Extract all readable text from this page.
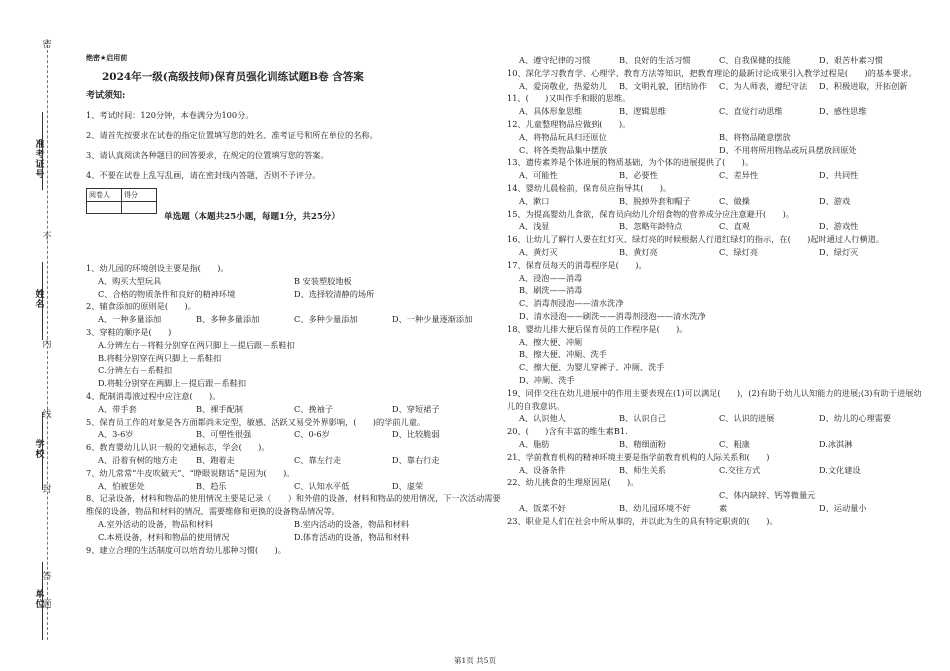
密
不
内
线
封
答
题
准考证号
姓名
学校
单位
绝密★启用前
2024年一级(高级技师)保育员强化训练试题B卷 含答案
考试须知:
1、考试时间：120分钟，本卷满分为100分。
2、请首先按要求在试卷的指定位置填写您的姓名、准考证号和所在单位的名称。
3、请认真阅读各种题目的回答要求，在规定的位置填写您的答案。
4、不要在试卷上乱写乱画，请在密封线内答题，否则不予评分。
阅卷人	得分

单选题（本题共25小题，每题1分，共25分）
1、幼儿园的环境创设主要是指(　　)。
A、购买大型玩具	B 安装塑胶地板
C、合格的物质条件和良好的精神环境	D、选择较清静的场所
2、辅食添加的原则是(　　)。
A、一种多量添加	B、多种多量添加	C、多种少量添加	D、一种少量逐渐添加
3、穿鞋的顺序是(　　)
A.分辨左右－将鞋分别穿在两只脚上－提后跟－系鞋扣
B.将鞋分别穿在两只脚上－系鞋扣
C.分辨左右－系鞋扣
D.将鞋分别穿在两脚上－提后跟－系鞋扣
4、配制消毒液过程中应注意(　　)。
A、带手套	B、裸手配制	C、挽袖子	D、穿短裙子
5、保育员工作的对象是各方面都尚未定型，敏感、活跃又易受外界影响，(　　)的学前儿童。
A、3-6岁	B、可塑性很强	C、0-6岁	D、比较脆弱
6、教育婴幼儿认识一般的交通标志，学会(　　)。
A、沿着有树的地方走 B、跑着走	C、靠左行走	D、靠右行走
7、幼儿常常“牛皮吹破天”、“睁眼说瞎话”是因为(　　)。
A、怕被惩处	B、趋乐	C、认知水平低	D、虚荣
8、记录设备，材料和物品的使用情况主要是记录（　　）和外借的设备，材料和物品的使用情况，下一次活动需要维保的设备，物品和材料的情况，需要维修和更换的设备物品情况等。
A.室外活动的设备，物品和材料	B.室内活动的设备，物品和材料
C.本班设备，材料和物品的使用情况	D.体育活动的设备，物品和材料
9、建立合理的生活制度可以培育幼儿那种习惯(　　)。
A、遵守纪律的习惯	B、良好的生活习惯	C、自我保健的技能	D、艰苦朴素习惯
10、深化学习教育学、心理学、教育方法等知识，把教育理论的最新讨论成果引入教学过程是(　　)的基本要求。
A、爱岗敬业，热爱幼儿 B、文明礼貌，团结协作 C、为人师表，遵纪守法 D、积极进取，开拓创新
11、(　　)又叫作手和眼的思维。
A、具体形象思维	B、逻辑思维	C、直觉行动思维	D、感性思维
12、儿童整理物品应做到(　　)。
A、将物品玩具归还原位	B、将物品随意摆放
C、将各类物品集中摆放	D、不用将所用物品或玩具摆放回原处
13、遗传素养是个体进展的物质基础，为个体的进展提供了(　　)。
A、可能性	B、必要性	C、差异性	D、共同性
14、婴幼儿晨检前，保育员应指导其(　　)。
A、漱口	B、脱掉外套和帽子	C、做操	D、游戏
15、为提高婴幼儿食欲，保育员向幼儿介绍食物的营养成分应注意避开(　　)。
A、浅显	B、忽略年龄特点	C、直观	D、游戏性
16、让幼儿了解行人要在红灯灭、绿灯亮的时候根据人行道红绿灯的指示，在(　　)起时通过人行横道。
A、黄灯灭	B、黄灯亮	C、绿灯亮	D、绿灯灭
17、保育员每天的消毒程序是(　　)。
A、浸泡——消毒
B、刷洗——消毒
C、消毒剂浸泡——清水洗净
D、清水浸泡——刷洗——消毒剂浸泡——清水洗净
18、婴幼儿排大便后保育员的工作程序是(　　)。
A、擦大便、冲厕
B、擦大便、冲厕、洗手
C、擦大便、为婴儿穿裤子、冲厕、洗手
D、冲厕、洗手
19、同伴交往在幼儿进展中的作用主要表现在(1)可以满足(　　)，(2)有助于幼儿认知能力的进展;(3)有助于进展幼儿的自我意识。
A、认识他人	B、认识自己	C、认识的进展	D、幼儿的心理需要
20、(　　)含有丰富的维生素B1.
A、脂肪	B、精细面粉	C、粗康	D.冰淇淋
21、学前教育机构的精神环境主要是指学前教育机构的人际关系和(　　)
A、设备条件	B、师生关系	C.交往方式	D.文化建设
22、幼儿挑食的生理原因是(　　)。
A、饭菜不好	B、幼儿园环境不好C、体内缺锌、钙等微量元素	D、运动量小
23、职业是人们在社会中所从事的，并以此为生的具有特定职责的(　　)。
第1页 共5页
